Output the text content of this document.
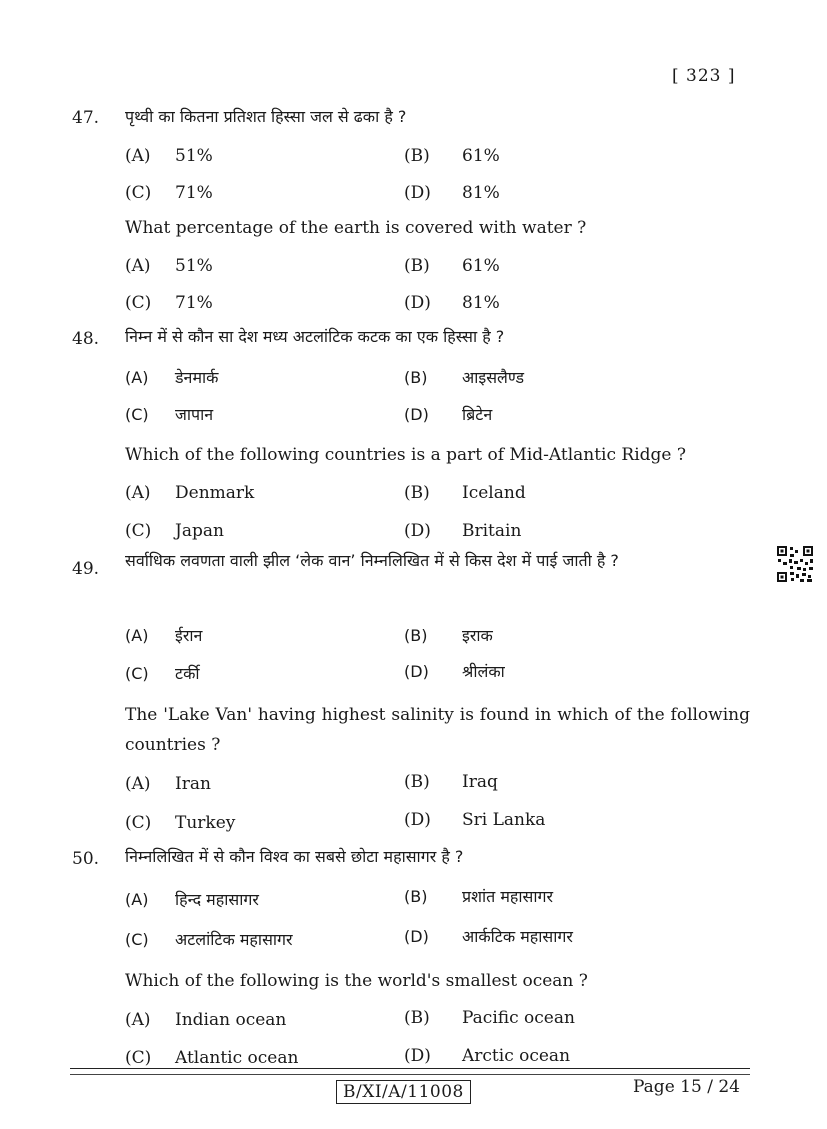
[ 323 ]
47. पृथ्वी का कितना प्रतिशत हिस्सा जल से ढका है ?
(A) 51%	(B) 61%
(C) 71%	(D) 81%
What percentage of the earth is covered with water ?
(A) 51%	(B) 61%
(C) 71%	(D) 81%
48. निम्न में से कौन सा देश मध्य अटलांटिक कटक का एक हिस्सा है ?
(A) डेनमार्क	(B) आइसलैण्ड
(C) जापान	(D) ब्रिटेन
Which of the following countries is a part of Mid-Atlantic Ridge ?
(A) Denmark	(B) Iceland
(C) Japan	(D) Britain
49. सर्वाधिक लवणता वाली झील ‘लेक वान’ निम्नलिखित में से किस देश में पाई जाती है ?
(A) ईरान	(B) इराक
(C) टर्की	(D) श्रीलंका
The 'Lake Van' having highest salinity is found in which of the following countries ?
(A) Iran	(B) Iraq
(C) Turkey	(D) Sri Lanka
50. निम्नलिखित में से कौन विश्व का सबसे छोटा महासागर है ?
(A) हिन्द महासागर	(B) प्रशांत महासागर
(C) अटलांटिक महासागर	(D) आर्कटिक महासागर
Which of the following is the world's smallest ocean ?
(A) Indian ocean	(B) Pacific ocean
(C) Atlantic ocean	(D) Arctic ocean
B/XI/A/11008	Page 15 / 24
